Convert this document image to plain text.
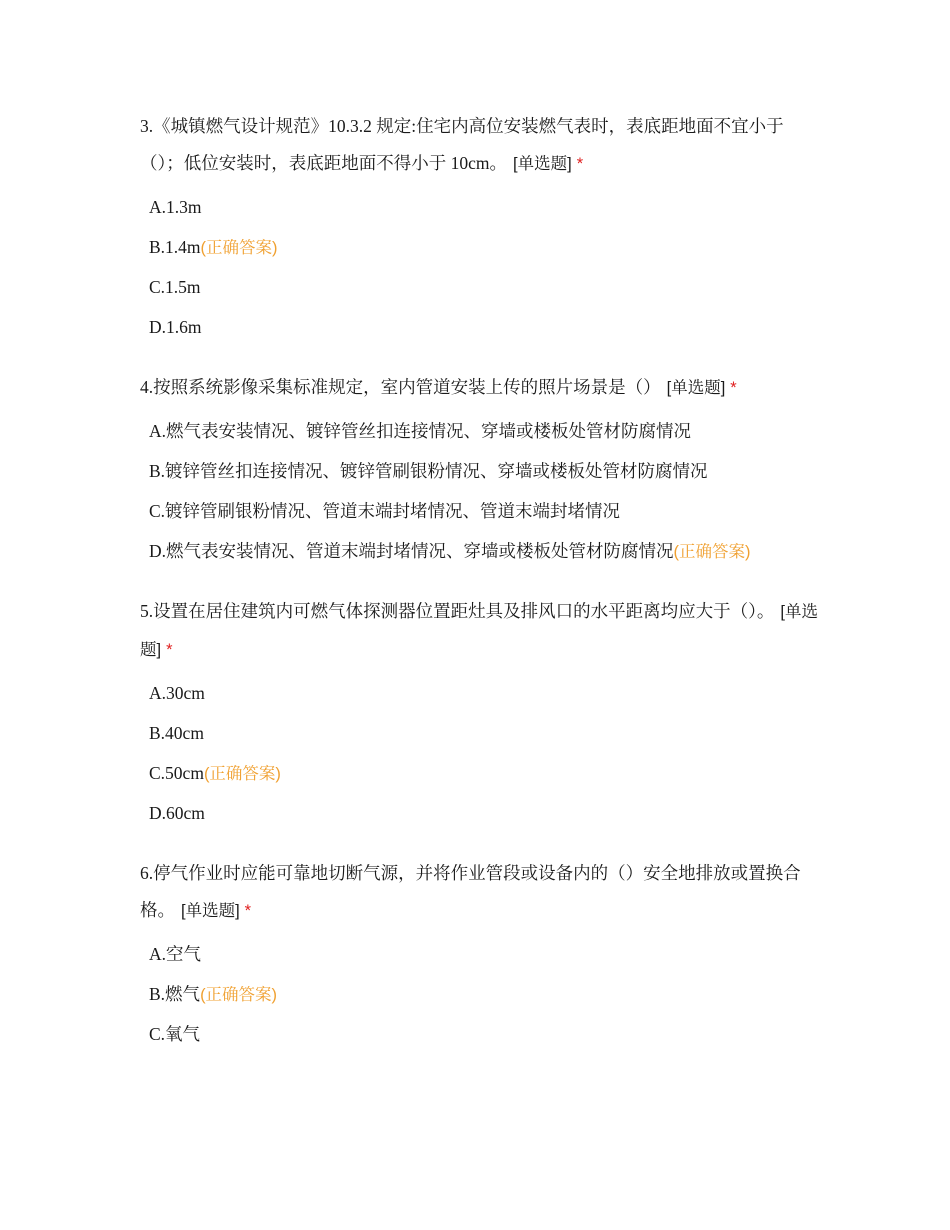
3.《城镇燃气设计规范》10.3.2 规定:住宅内高位安装燃气表时，表底距地面不宜小于（）；低位安装时，表底距地面不得小于 10cm。 [单选题] *

A.1.3m
B.1.4m(正确答案)
C.1.5m
D.1.6m

4.按照系统影像采集标准规定，室内管道安装上传的照片场景是（） [单选题] *

A.燃气表安装情况、镀锌管丝扣连接情况、穿墙或楼板处管材防腐情况
B.镀锌管丝扣连接情况、镀锌管刷银粉情况、穿墙或楼板处管材防腐情况
C.镀锌管刷银粉情况、管道末端封堵情况、管道末端封堵情况
D.燃气表安装情况、管道末端封堵情况、穿墙或楼板处管材防腐情况(正确答案)

5.设置在居住建筑内可燃气体探测器位置距灶具及排风口的水平距离均应大于（）。 [单选题] *

A.30cm
B.40cm
C.50cm(正确答案)
D.60cm

6.停气作业时应能可靠地切断气源，并将作业管段或设备内的（）安全地排放或置换合格。 [单选题] *

A.空气
B.燃气(正确答案)
C.氧气
